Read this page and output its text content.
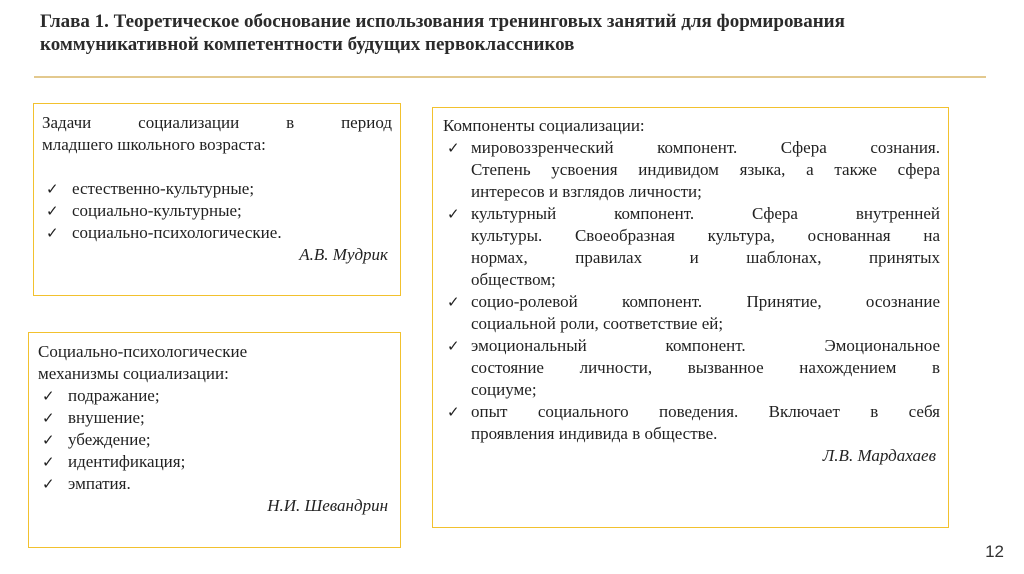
Глава 1. Теоретическое обоснование использования тренинговых занятий для формирования
коммуникативной компетентности будущих первоклассников
Задачи социализации в период
младшего школьного возраста:
✓ естественно-культурные;
✓ социально-культурные;
✓ социально-психологические.
А.В. Мудрик
Социально-психологические
механизмы социализации:
✓ подражание;
✓ внушение;
✓ убеждение;
✓ идентификация;
✓ эмпатия.
Н.И. Шевандрин
Компоненты социализации:
✓ мировоззренческий компонент. Сфера сознания.
Степень усвоения индивидом языка, а также сфера
интересов и взглядов личности;
✓ культурный компонент. Сфера внутренней
культуры. Своеобразная культура, основанная на
нормах, правилах и шаблонах, принятых
обществом;
✓ социо-ролевой компонент. Принятие, осознание
социальной роли, соответствие ей;
✓ эмоциональный компонент. Эмоциональное
состояние личности, вызванное нахождением в
социуме;
✓ опыт социального поведения. Включает в себя
проявления индивида в обществе.
Л.В. Мардахаев
12
